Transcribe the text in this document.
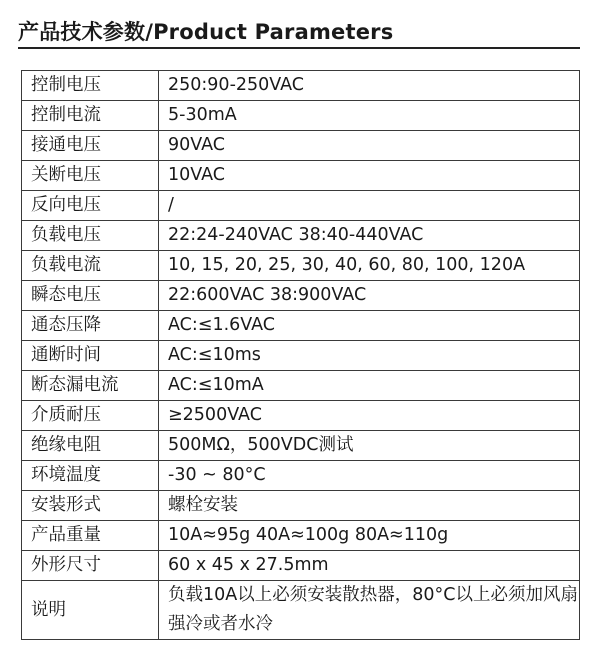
产品技术参数/Product Parameters
控制电压	250:90-250VAC
控制电流	5-30mA
接通电压	90VAC
关断电压	10VAC
反向电压	/
负载电压	22:24-240VAC 38:40-440VAC
负载电流	10, 15, 20, 25, 30, 40, 60, 80, 100, 120A
瞬态电压	22:600VAC 38:900VAC
通态压降	AC:≤1.6VAC
通断时间	AC:≤10ms
断态漏电流	AC:≤10mA
介质耐压	≥2500VAC
绝缘电阻	500MΩ，500VDC测试
环境温度	-30 ~ 80°C
安装形式	螺栓安装
产品重量	10A≈95g 40A≈100g 80A≈110g
外形尺寸	60 x 45 x 27.5mm
说明	负载10A以上必须安装散热器，80°C以上必须加风扇强冷或者水冷
